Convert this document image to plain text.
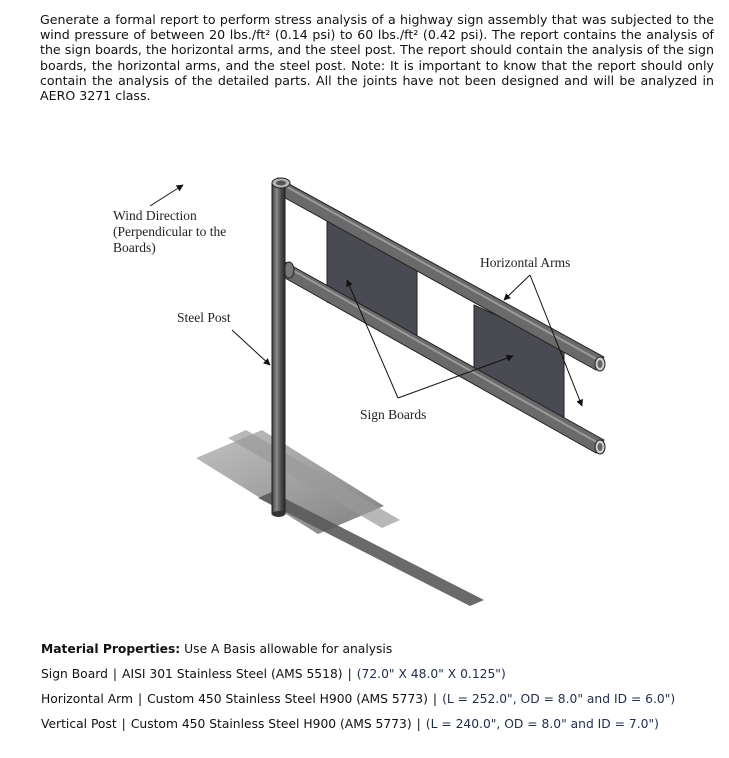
Generate a formal report to perform stress analysis of a highway sign assembly that was subjected to the wind pressure of between 20 lbs./ft² (0.14 psi) to 60 lbs./ft² (0.42 psi). The report contains the analysis of the sign boards, the horizontal arms, and the steel post. The report should contain the analysis of the sign boards, the horizontal arms, and the steel post. Note: It is important to know that the report should only contain the analysis of the detailed parts. All the joints have not been designed and will be analyzed in AERO 3271 class.

Wind Direction
(Perpendicular to the
Boards)
Steel Post
Horizontal Arms
Sign Boards
Material Properties: Use A Basis allowable for analysis
Sign Board | AISI 301 Stainless Steel (AMS 5518) | (72.0" X 48.0" X 0.125")
Horizontal Arm | Custom 450 Stainless Steel H900 (AMS 5773) | (L = 252.0", OD = 8.0" and ID = 6.0")
Vertical Post | Custom 450 Stainless Steel H900 (AMS 5773) | (L = 240.0", OD = 8.0" and ID = 7.0")
